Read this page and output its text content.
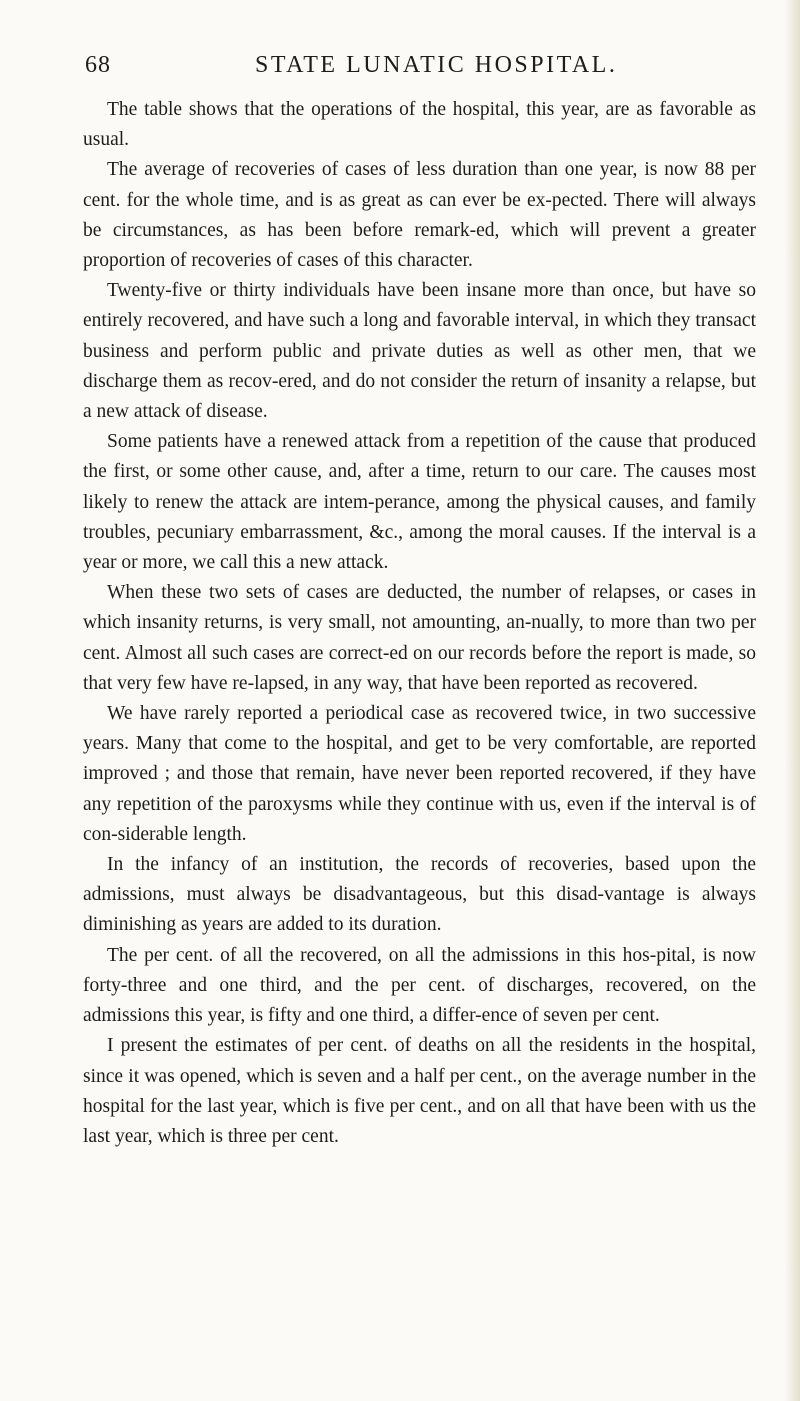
68	STATE LUNATIC HOSPITAL.

The table shows that the operations of the hospital, this year, are as favorable as usual.

The average of recoveries of cases of less duration than one year, is now 88 per cent. for the whole time, and is as great as can ever be ex-pected. There will always be circumstances, as has been before remark-ed, which will prevent a greater proportion of recoveries of cases of this character.

Twenty-five or thirty individuals have been insane more than once, but have so entirely recovered, and have such a long and favorable interval, in which they transact business and perform public and private duties as well as other men, that we discharge them as recov-ered, and do not consider the return of insanity a relapse, but a new attack of disease.

Some patients have a renewed attack from a repetition of the cause that produced the first, or some other cause, and, after a time, return to our care. The causes most likely to renew the attack are intem-perance, among the physical causes, and family troubles, pecuniary embarrassment, &c., among the moral causes. If the interval is a year or more, we call this a new attack.

When these two sets of cases are deducted, the number of relapses, or cases in which insanity returns, is very small, not amounting, an-nually, to more than two per cent. Almost all such cases are correct-ed on our records before the report is made, so that very few have re-lapsed, in any way, that have been reported as recovered.

We have rarely reported a periodical case as recovered twice, in two successive years. Many that come to the hospital, and get to be very comfortable, are reported improved ; and those that remain, have never been reported recovered, if they have any repetition of the paroxysms while they continue with us, even if the interval is of con-siderable length.

In the infancy of an institution, the records of recoveries, based upon the admissions, must always be disadvantageous, but this disad-vantage is always diminishing as years are added to its duration.

The per cent. of all the recovered, on all the admissions in this hos-pital, is now forty-three and one third, and the per cent. of discharges, recovered, on the admissions this year, is fifty and one third, a differ-ence of seven per cent.

I present the estimates of per cent. of deaths on all the residents in the hospital, since it was opened, which is seven and a half per cent., on the average number in the hospital for the last year, which is five per cent., and on all that have been with us the last year, which is three per cent.
